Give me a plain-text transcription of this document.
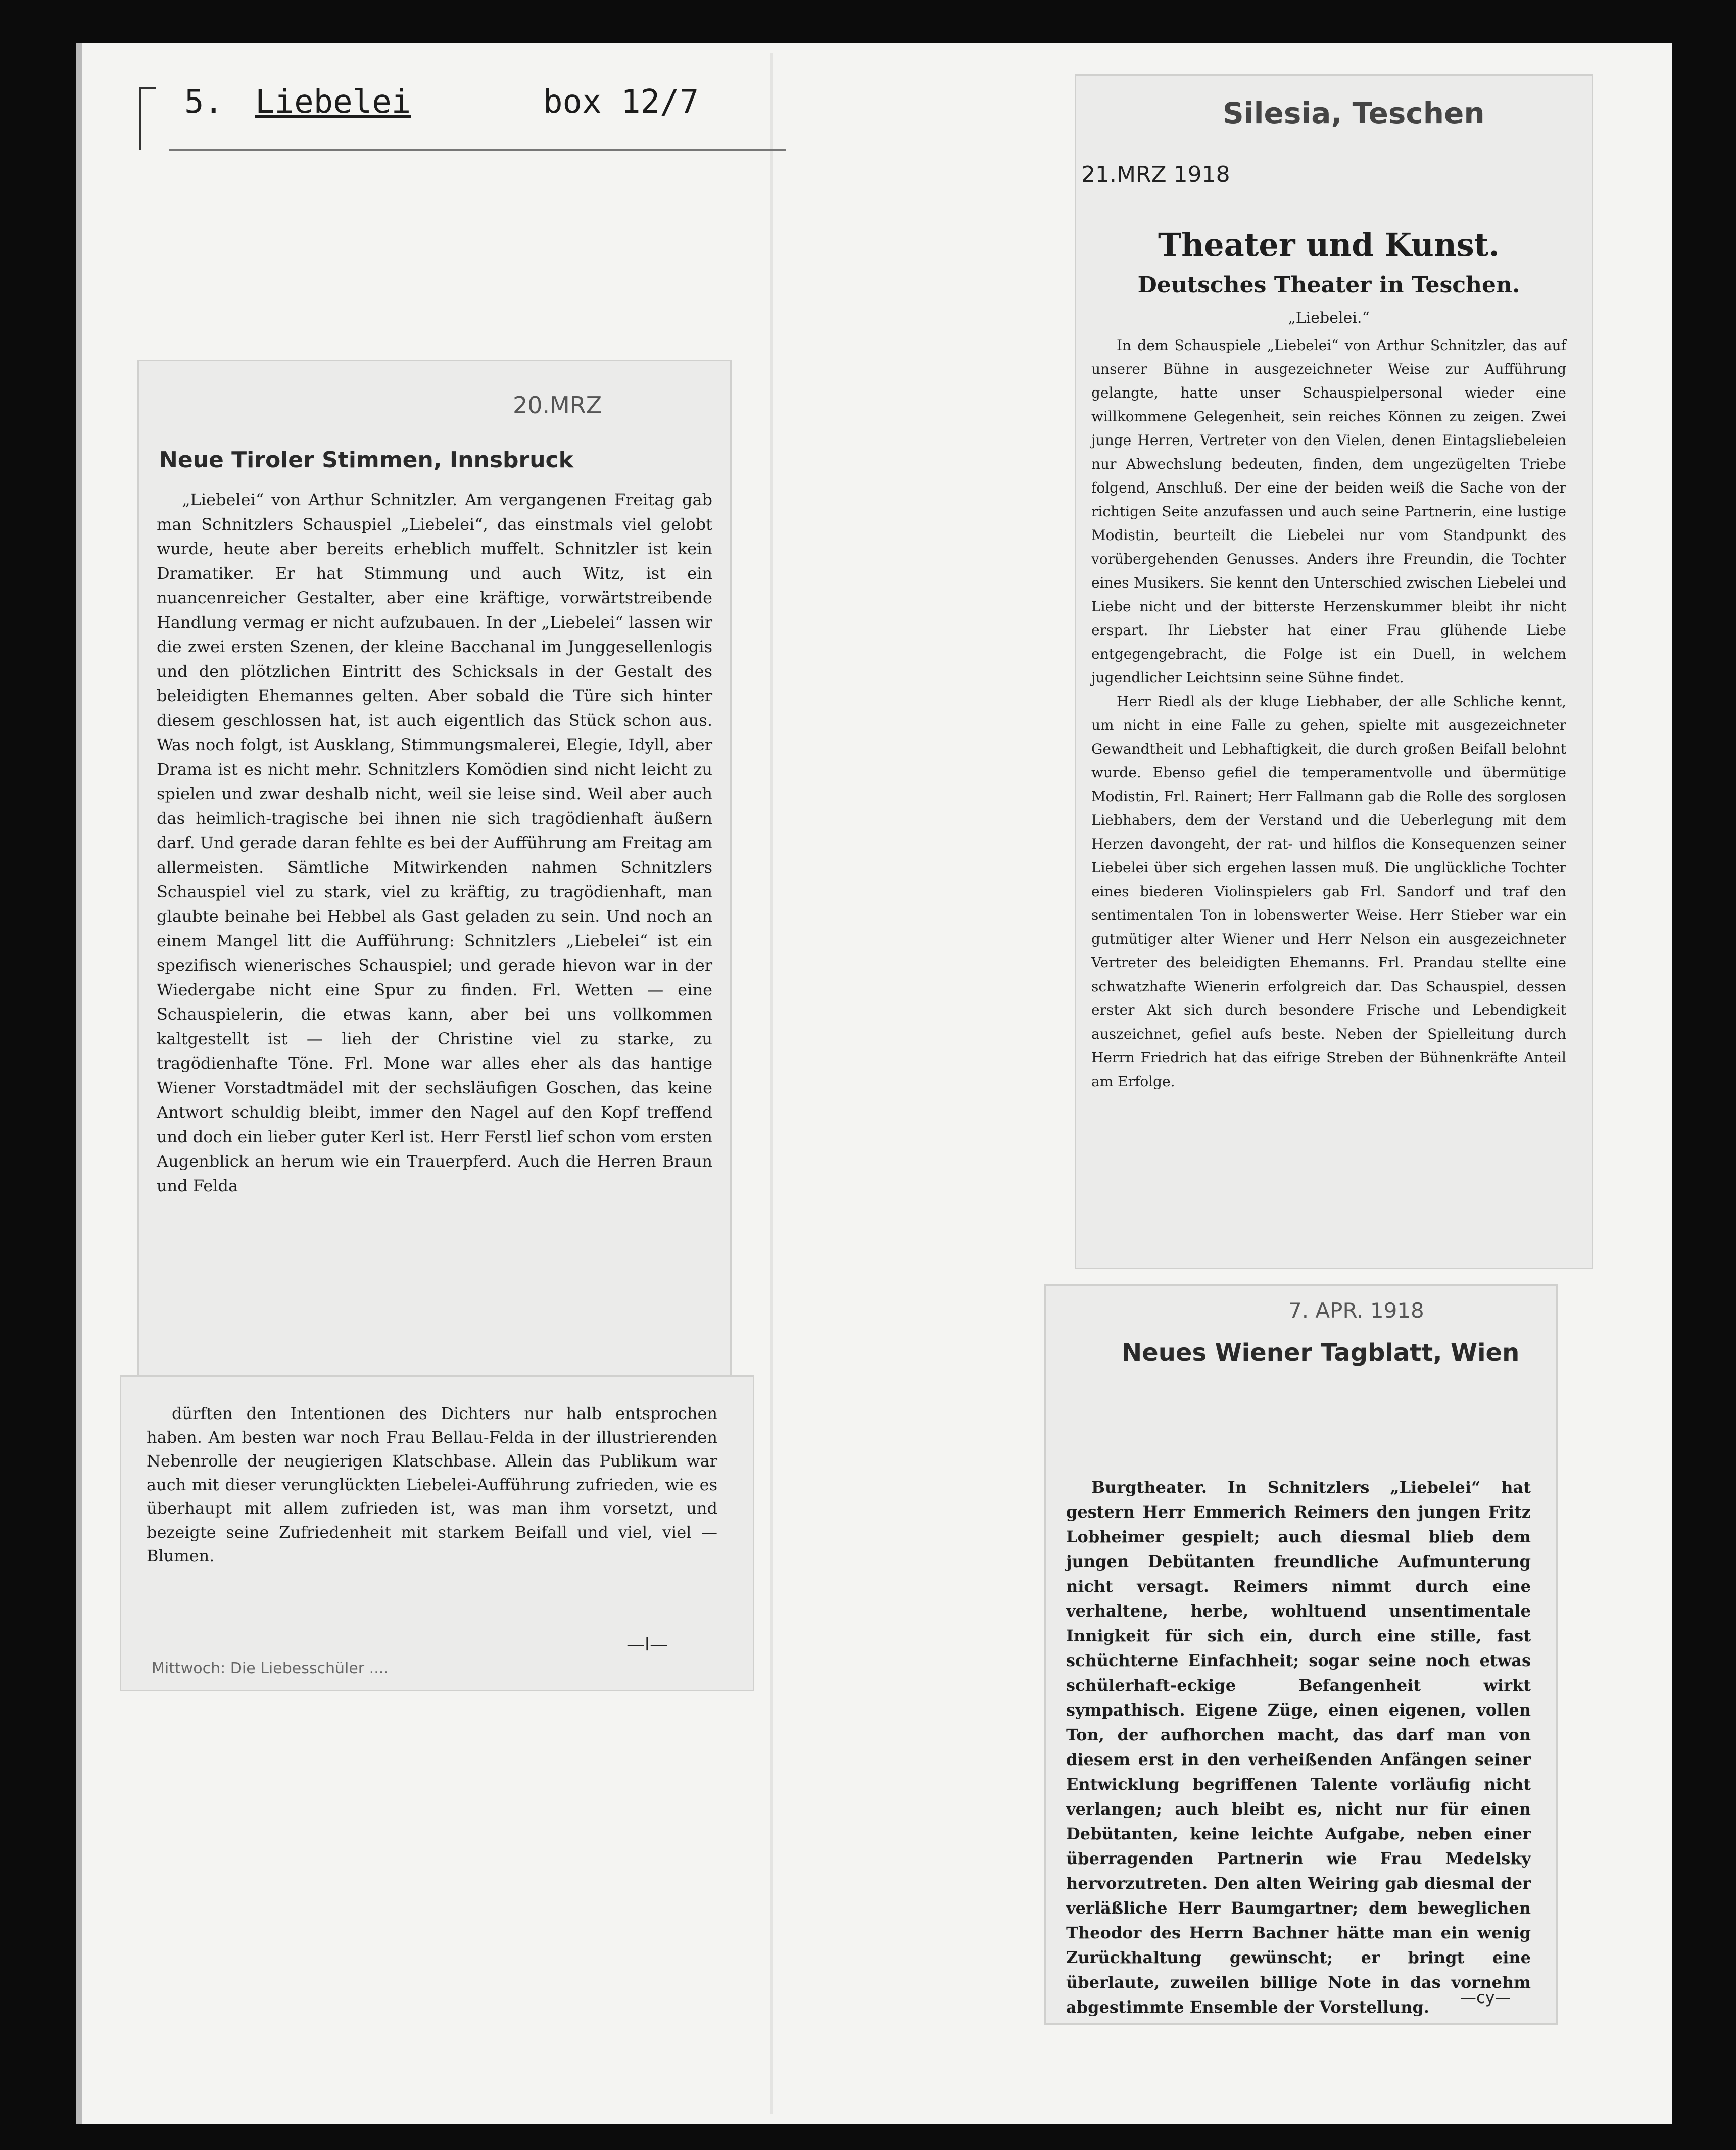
5. Liebelei	box 12/7
20.MRZ
Neue Tiroler Stimmen, Innsbruck

„Liebelei“ von Arthur Schnitzler. Am vergangenen Freitag gab man Schnitzlers Schauspiel „Liebelei“, das einstmals viel gelobt wurde, heute aber bereits erheblich muffelt. Schnitzler ist kein Dramatiker. Er hat Stimmung und auch Witz, ist ein nuancenreicher Gestalter, aber eine kräftige, vorwärtstreibende Handlung vermag er nicht aufzubauen. In der „Liebelei“ lassen wir die zwei ersten Szenen, der kleine Bacchanal im Junggesellenlogis und den plötzlichen Eintritt des Schicksals in der Gestalt des beleidigten Ehemannes gelten. Aber sobald die Türe sich hinter diesem geschlossen hat, ist auch eigentlich das Stück schon aus. Was noch folgt, ist Ausklang, Stimmungsmalerei, Elegie, Idyll, aber Drama ist es nicht mehr. Schnitzlers Komödien sind nicht leicht zu spielen und zwar deshalb nicht, weil sie leise sind. Weil aber auch das heimlich-tragische bei ihnen nie sich tragödienhaft äußern darf. Und gerade daran fehlte es bei der Aufführung am Freitag am allermeisten. Sämtliche Mitwirkenden nahmen Schnitzlers Schauspiel viel zu stark, viel zu kräftig, zu tragödienhaft, man glaubte beinahe bei Hebbel als Gast geladen zu sein. Und noch an einem Mangel litt die Aufführung: Schnitzlers „Liebelei“ ist ein spezifisch wienerisches Schauspiel; und gerade hievon war in der Wiedergabe nicht eine Spur zu finden. Frl. Wetten — eine Schauspielerin, die etwas kann, aber bei uns vollkommen kaltgestellt ist — lieh der Christine viel zu starke, zu tragödienhafte Töne. Frl. Mone war alles eher als das hantige Wiener Vorstadtmädel mit der sechsläufigen Goschen, das keine Antwort schuldig bleibt, immer den Nagel auf den Kopf treffend und doch ein lieber guter Kerl ist. Herr Ferstl lief schon vom ersten Augenblick an herum wie ein Trauerpferd. Auch die Herren Braun und Felda

dürften den Intentionen des Dichters nur halb entsprochen haben. Am besten war noch Frau Bellau-Felda in der illustrierenden Nebenrolle der neugierigen Klatschbase. Allein das Publikum war auch mit dieser verunglückten Liebelei-Aufführung zufrieden, wie es überhaupt mit allem zufrieden ist, was man ihm vorsetzt, und bezeigte seine Zufriedenheit mit starkem Beifall und viel, viel — Blumen.

—l—
Mittwoch: Die Liebesschüler ....
Silesia, Teschen
21.MRZ 1918
Theater und Kunst.
Deutsches Theater in Teschen.
„Liebelei.“

In dem Schauspiele „Liebelei“ von Arthur Schnitzler, das auf unserer Bühne in ausgezeichneter Weise zur Aufführung gelangte, hatte unser Schauspielpersonal wieder eine willkommene Gelegenheit, sein reiches Können zu zeigen. Zwei junge Herren, Vertreter von den Vielen, denen Eintagsliebeleien nur Abwechslung bedeuten, finden, dem ungezügelten Triebe folgend, Anschluß. Der eine der beiden weiß die Sache von der richtigen Seite anzufassen und auch seine Partnerin, eine lustige Modistin, beurteilt die Liebelei nur vom Standpunkt des vorübergehenden Genusses. Anders ihre Freundin, die Tochter eines Musikers. Sie kennt den Unterschied zwischen Liebelei und Liebe nicht und der bitterste Herzenskummer bleibt ihr nicht erspart. Ihr Liebster hat einer Frau glühende Liebe entgegengebracht, die Folge ist ein Duell, in welchem jugendlicher Leichtsinn seine Sühne findet.

Herr Riedl als der kluge Liebhaber, der alle Schliche kennt, um nicht in eine Falle zu gehen, spielte mit ausgezeichneter Gewandtheit und Lebhaftigkeit, die durch großen Beifall belohnt wurde. Ebenso gefiel die temperamentvolle und übermütige Modistin, Frl. Rainert; Herr Fallmann gab die Rolle des sorglosen Liebhabers, dem der Verstand und die Ueberlegung mit dem Herzen davongeht, der rat- und hilflos die Konsequenzen seiner Liebelei über sich ergehen lassen muß. Die unglückliche Tochter eines biederen Violinspielers gab Frl. Sandorf und traf den sentimentalen Ton in lobenswerter Weise. Herr Stieber war ein gutmütiger alter Wiener und Herr Nelson ein ausgezeichneter Vertreter des beleidigten Ehemanns. Frl. Prandau stellte eine schwatzhafte Wienerin erfolgreich dar. Das Schauspiel, dessen erster Akt sich durch besondere Frische und Lebendigkeit auszeichnet, gefiel aufs beste. Neben der Spielleitung durch Herrn Friedrich hat das eifrige Streben der Bühnenkräfte Anteil am Erfolge.

7. APR. 1918
Neues Wiener Tagblatt, Wien

Burgtheater. In Schnitzlers „Liebelei“ hat gestern Herr Emmerich Reimers den jungen Fritz Lobheimer gespielt; auch diesmal blieb dem jungen Debütanten freundliche Aufmunterung nicht versagt. Reimers nimmt durch eine verhaltene, herbe, wohltuend unsentimentale Innigkeit für sich ein, durch eine stille, fast schüchterne Einfachheit; sogar seine noch etwas schülerhaft-eckige Befangenheit wirkt sympathisch. Eigene Züge, einen eigenen, vollen Ton, der aufhorchen macht, das darf man von diesem erst in den verheißenden Anfängen seiner Entwicklung begriffenen Talente vorläufig nicht verlangen; auch bleibt es, nicht nur für einen Debütanten, keine leichte Aufgabe, neben einer überragenden Partnerin wie Frau Medelsky hervorzutreten. Den alten Weiring gab diesmal der verläßliche Herr Baumgartner; dem beweglichen Theodor des Herrn Bachner hätte man ein wenig Zurückhaltung gewünscht; er bringt eine überlaute, zuweilen billige Note in das vornehm abgestimmte Ensemble der Vorstellung.	—cy—
